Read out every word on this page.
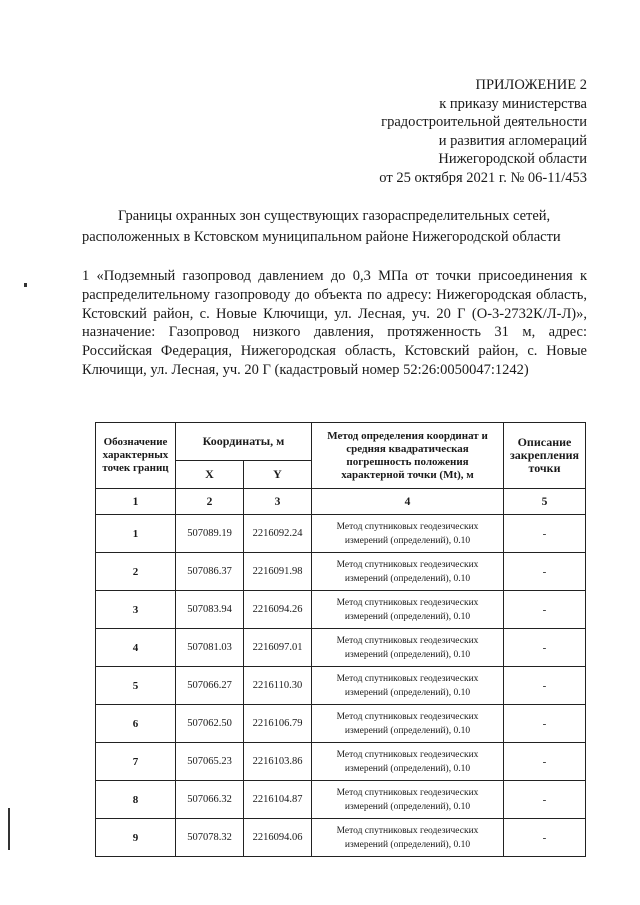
ПРИЛОЖЕНИЕ 2
к приказу министерства
градостроительной деятельности
и развития агломераций
Нижегородской области
от 25 октября 2021 г. № 06-11/453
Границы охранных зон существующих газораспределительных сетей, расположенных в Кстовском муниципальном районе Нижегородской области
1 «Подземный газопровод давлением до 0,3 МПа от точки присоединения к распределительному газопроводу до объекта по адресу: Нижегородская область, Кстовский район, с. Новые Ключищи, ул. Лесная, уч. 20 Г (О-3-2732К/Л-Л)», назначение: Газопровод низкого давления, протяженность 31 м, адрес: Российская Федерация, Нижегородская область, Кстовский район, с. Новые Ключищи, ул. Лесная, уч. 20 Г (кадастровый номер 52:26:0050047:1242)
Обозначение характерных точек границ	Координаты, м		Метод определения координат и средняя квадратическая погрешность положения характерной точки (Mt), м	Описание закрепления точки
	X	Y		
1	2	3	4	5
1	507089.19	2216092.24	Метод спутниковых геодезических измерений (определений), 0.10	-
2	507086.37	2216091.98	Метод спутниковых геодезических измерений (определений), 0.10	-
3	507083.94	2216094.26	Метод спутниковых геодезических измерений (определений), 0.10	-
4	507081.03	2216097.01	Метод спутниковых геодезических измерений (определений), 0.10	-
5	507066.27	2216110.30	Метод спутниковых геодезических измерений (определений), 0.10	-
6	507062.50	2216106.79	Метод спутниковых геодезических измерений (определений), 0.10	-
7	507065.23	2216103.86	Метод спутниковых геодезических измерений (определений), 0.10	-
8	507066.32	2216104.87	Метод спутниковых геодезических измерений (определений), 0.10	-
9	507078.32	2216094.06	Метод спутниковых геодезических измерений (определений), 0.10	-
